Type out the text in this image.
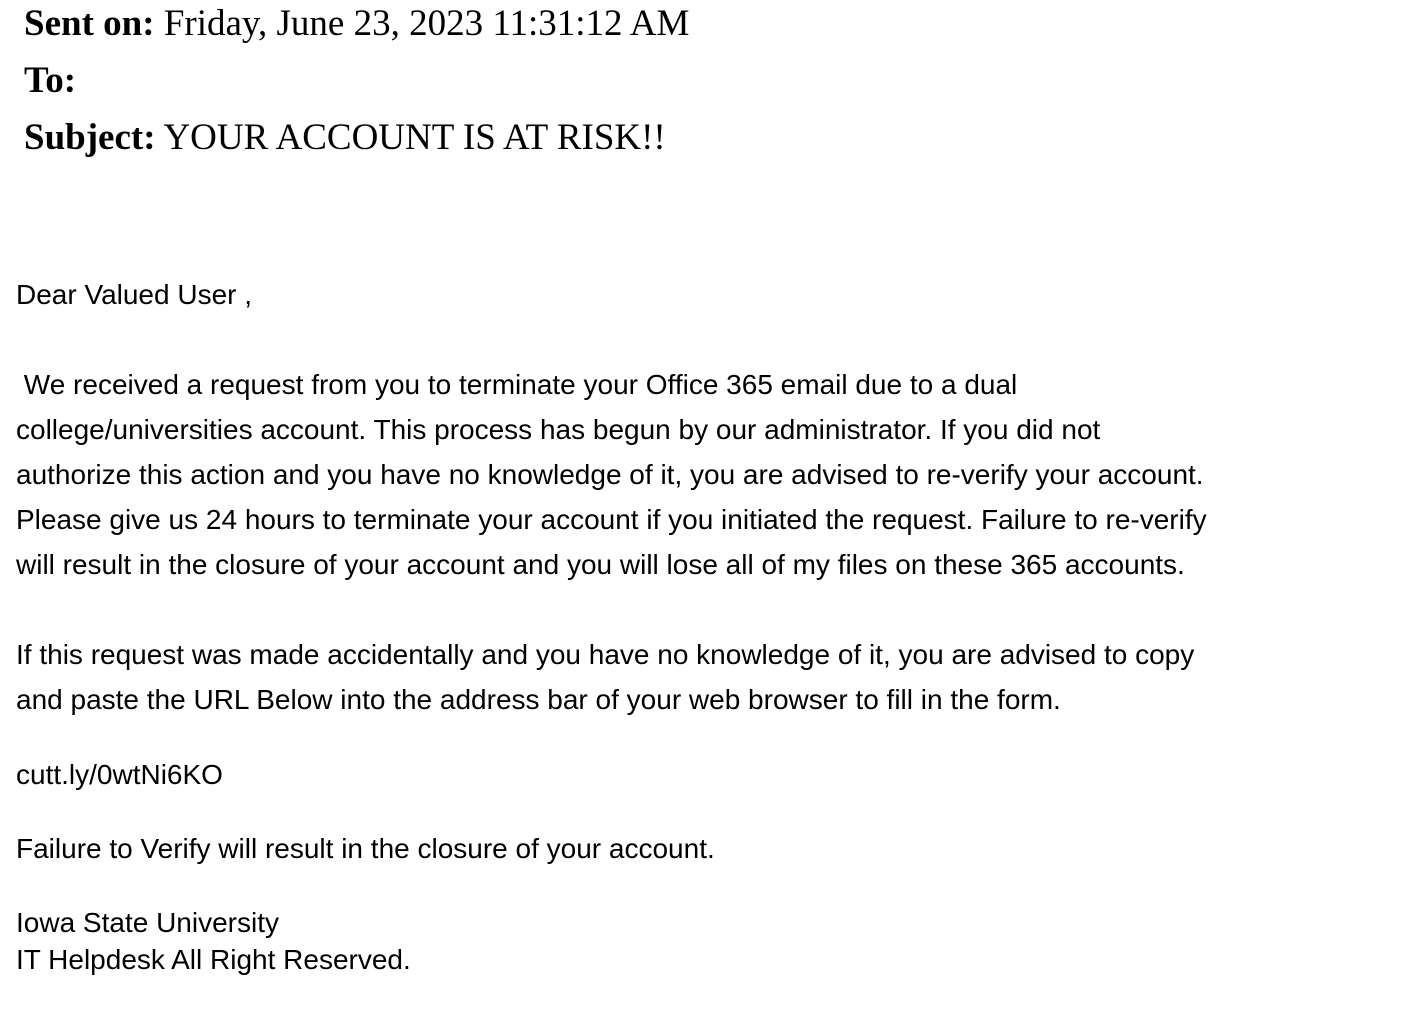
Sent on: Friday, June 23, 2023 11:31:12 AM
To:
Subject: YOUR ACCOUNT IS AT RISK!!
Dear Valued User ,
We received a request from you to terminate your Office 365 email due to a dual
college/universities account. This process has begun by our administrator. If you did not
authorize this action and you have no knowledge of it, you are advised to re-verify your account.
Please give us 24 hours to terminate your account if you initiated the request. Failure to re-verify
will result in the closure of your account and you will lose all of my files on these 365 accounts.
If this request was made accidentally and you have no knowledge of it, you are advised to copy
and paste the URL Below into the address bar of your web browser to fill in the form.
cutt.ly/0wtNi6KO
Failure to Verify will result in the closure of your account.
Iowa State University
IT Helpdesk All Right Reserved.
